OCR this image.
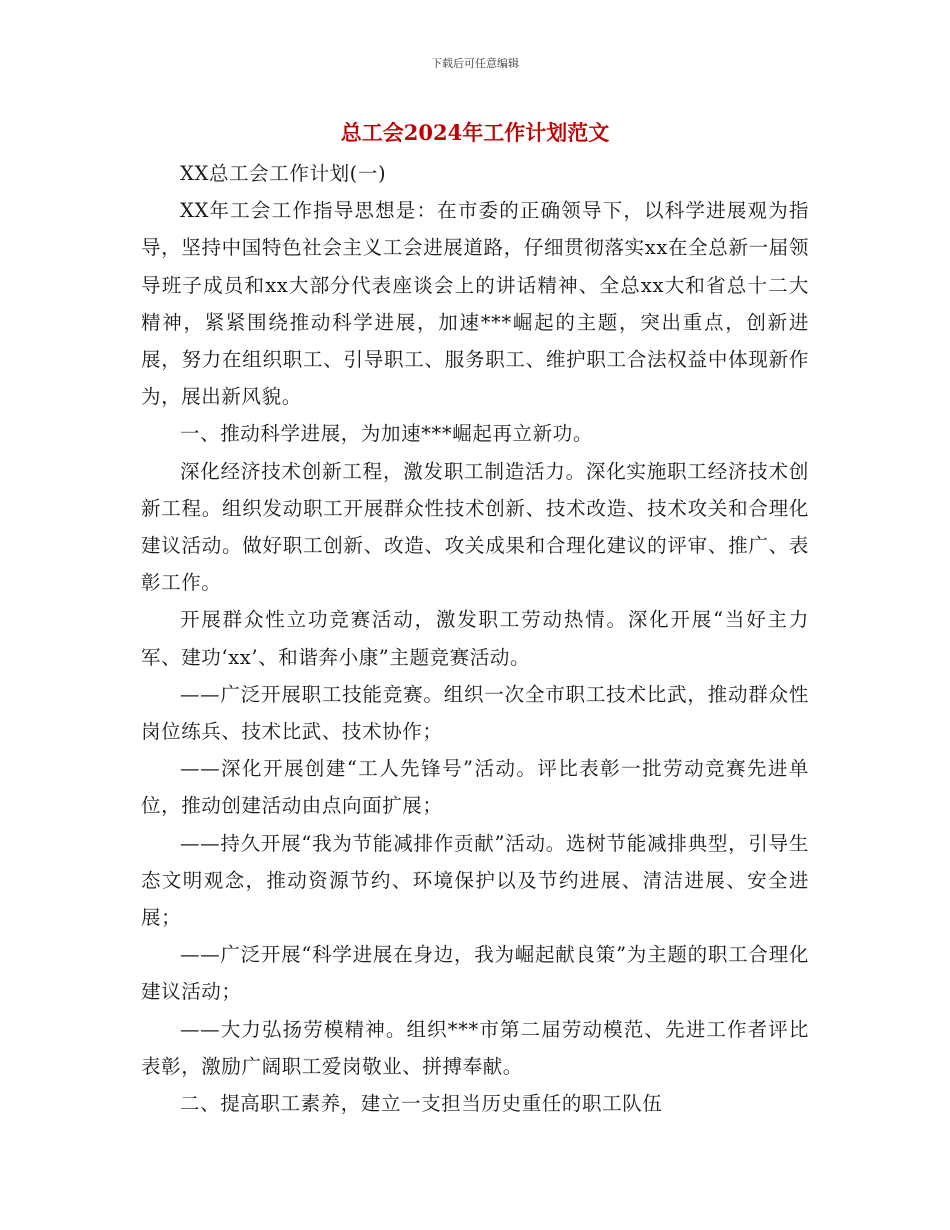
下载后可任意编辑
总工会2024年工作计划范文

XX总工会工作计划(一)

XX年工会工作指导思想是：在市委的正确领导下，以科学进展观为指导，坚持中国特色社会主义工会进展道路，仔细贯彻落实xx在全总新一届领导班子成员和xx大部分代表座谈会上的讲话精神、全总xx大和省总十二大精神，紧紧围绕推动科学进展，加速***崛起的主题，突出重点，创新进展，努力在组织职工、引导职工、服务职工、维护职工合法权益中体现新作为，展出新风貌。

一、推动科学进展，为加速***崛起再立新功。

深化经济技术创新工程，激发职工制造活力。深化实施职工经济技术创新工程。组织发动职工开展群众性技术创新、技术改造、技术攻关和合理化建议活动。做好职工创新、改造、攻关成果和合理化建议的评审、推广、表彰工作。

开展群众性立功竞赛活动，激发职工劳动热情。深化开展“当好主力军、建功‘xx’、和谐奔小康”主题竞赛活动。

——广泛开展职工技能竞赛。组织一次全市职工技术比武，推动群众性岗位练兵、技术比武、技术协作；

——深化开展创建“工人先锋号”活动。评比表彰一批劳动竞赛先进单位，推动创建活动由点向面扩展；

——持久开展“我为节能减排作贡献”活动。选树节能减排典型，引导生态文明观念，推动资源节约、环境保护以及节约进展、清洁进展、安全进展；

——广泛开展“科学进展在身边，我为崛起献良策”为主题的职工合理化建议活动；

——大力弘扬劳模精神。组织***市第二届劳动模范、先进工作者评比表彰，激励广阔职工爱岗敬业、拼搏奉献。

二、提高职工素养，建立一支担当历史重任的职工队伍
